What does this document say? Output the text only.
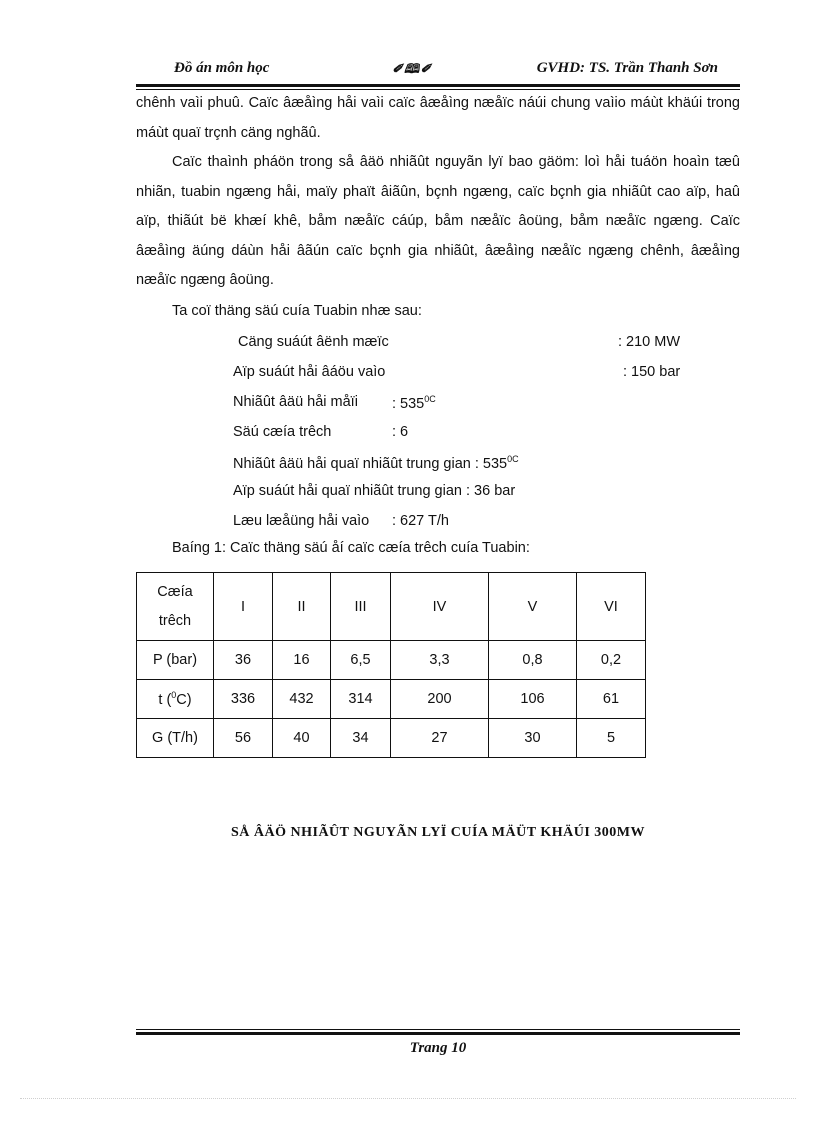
Đồ án môn học	✐🕮✐	GVHD: TS. Trần Thanh Sơn
chênh vaìi phuû. Caïc âæåìng håi vaìi caïc âæåìng næåïc náúi chung vaìio máùt khäúi trong máùt quaï trçnh cäng nghãû.
Caïc thaình pháön trong så âäö nhiãût nguyãn lyï bao gäöm: loì håi tuáön hoaìn tæû nhiãn, tuabin ngæng håi, maïy phaït âiãûn, bçnh ngæng, caïc bçnh gia nhiãût cao aïp, haû aïp, thiãút bë khæí khê, båm næåïc cáúp, båm næåïc âoüng, båm næåïc ngæng. Caïc âæåìng äúng dáùn håi âãún caïc bçnh gia nhiãût, âæåìng næåïc ngæng chênh, âæåìng næåïc ngæng âoüng.
Ta coï thäng säú cuía Tuabin nhæ sau:
Cäng suáút âënh mæïc	: 210 MW
Aïp suáút håi âáöu vaìo	: 150 bar
Nhiãût âäü håi måïi : $535^{0C}$
Säú cæía trêch	: 6
Nhiãût âäü håi quaï nhiãût trung gian : $535^{0C}$
Aïp suáút håi quaï nhiãût trung gian : 36 bar
Læu læåüng håi vaìo : 627 T/h
Baíng 1: Caïc thäng säú åí caïc cæía trêch cuía Tuabin:
Cæía
trêch	I	II	III	IV	V	VI
P (bar)	36	16	6,5	3,3	0,8	0,2
t ($^0$C)	336	432	314	200	106	61
G (T/h)	56	40	34	27	30	5
SÅ ÂÄÖ NHIÃÛT NGUYÃN LYÏ CUÍA MÄÜT KHÄÚI 300MW
Trang 10
